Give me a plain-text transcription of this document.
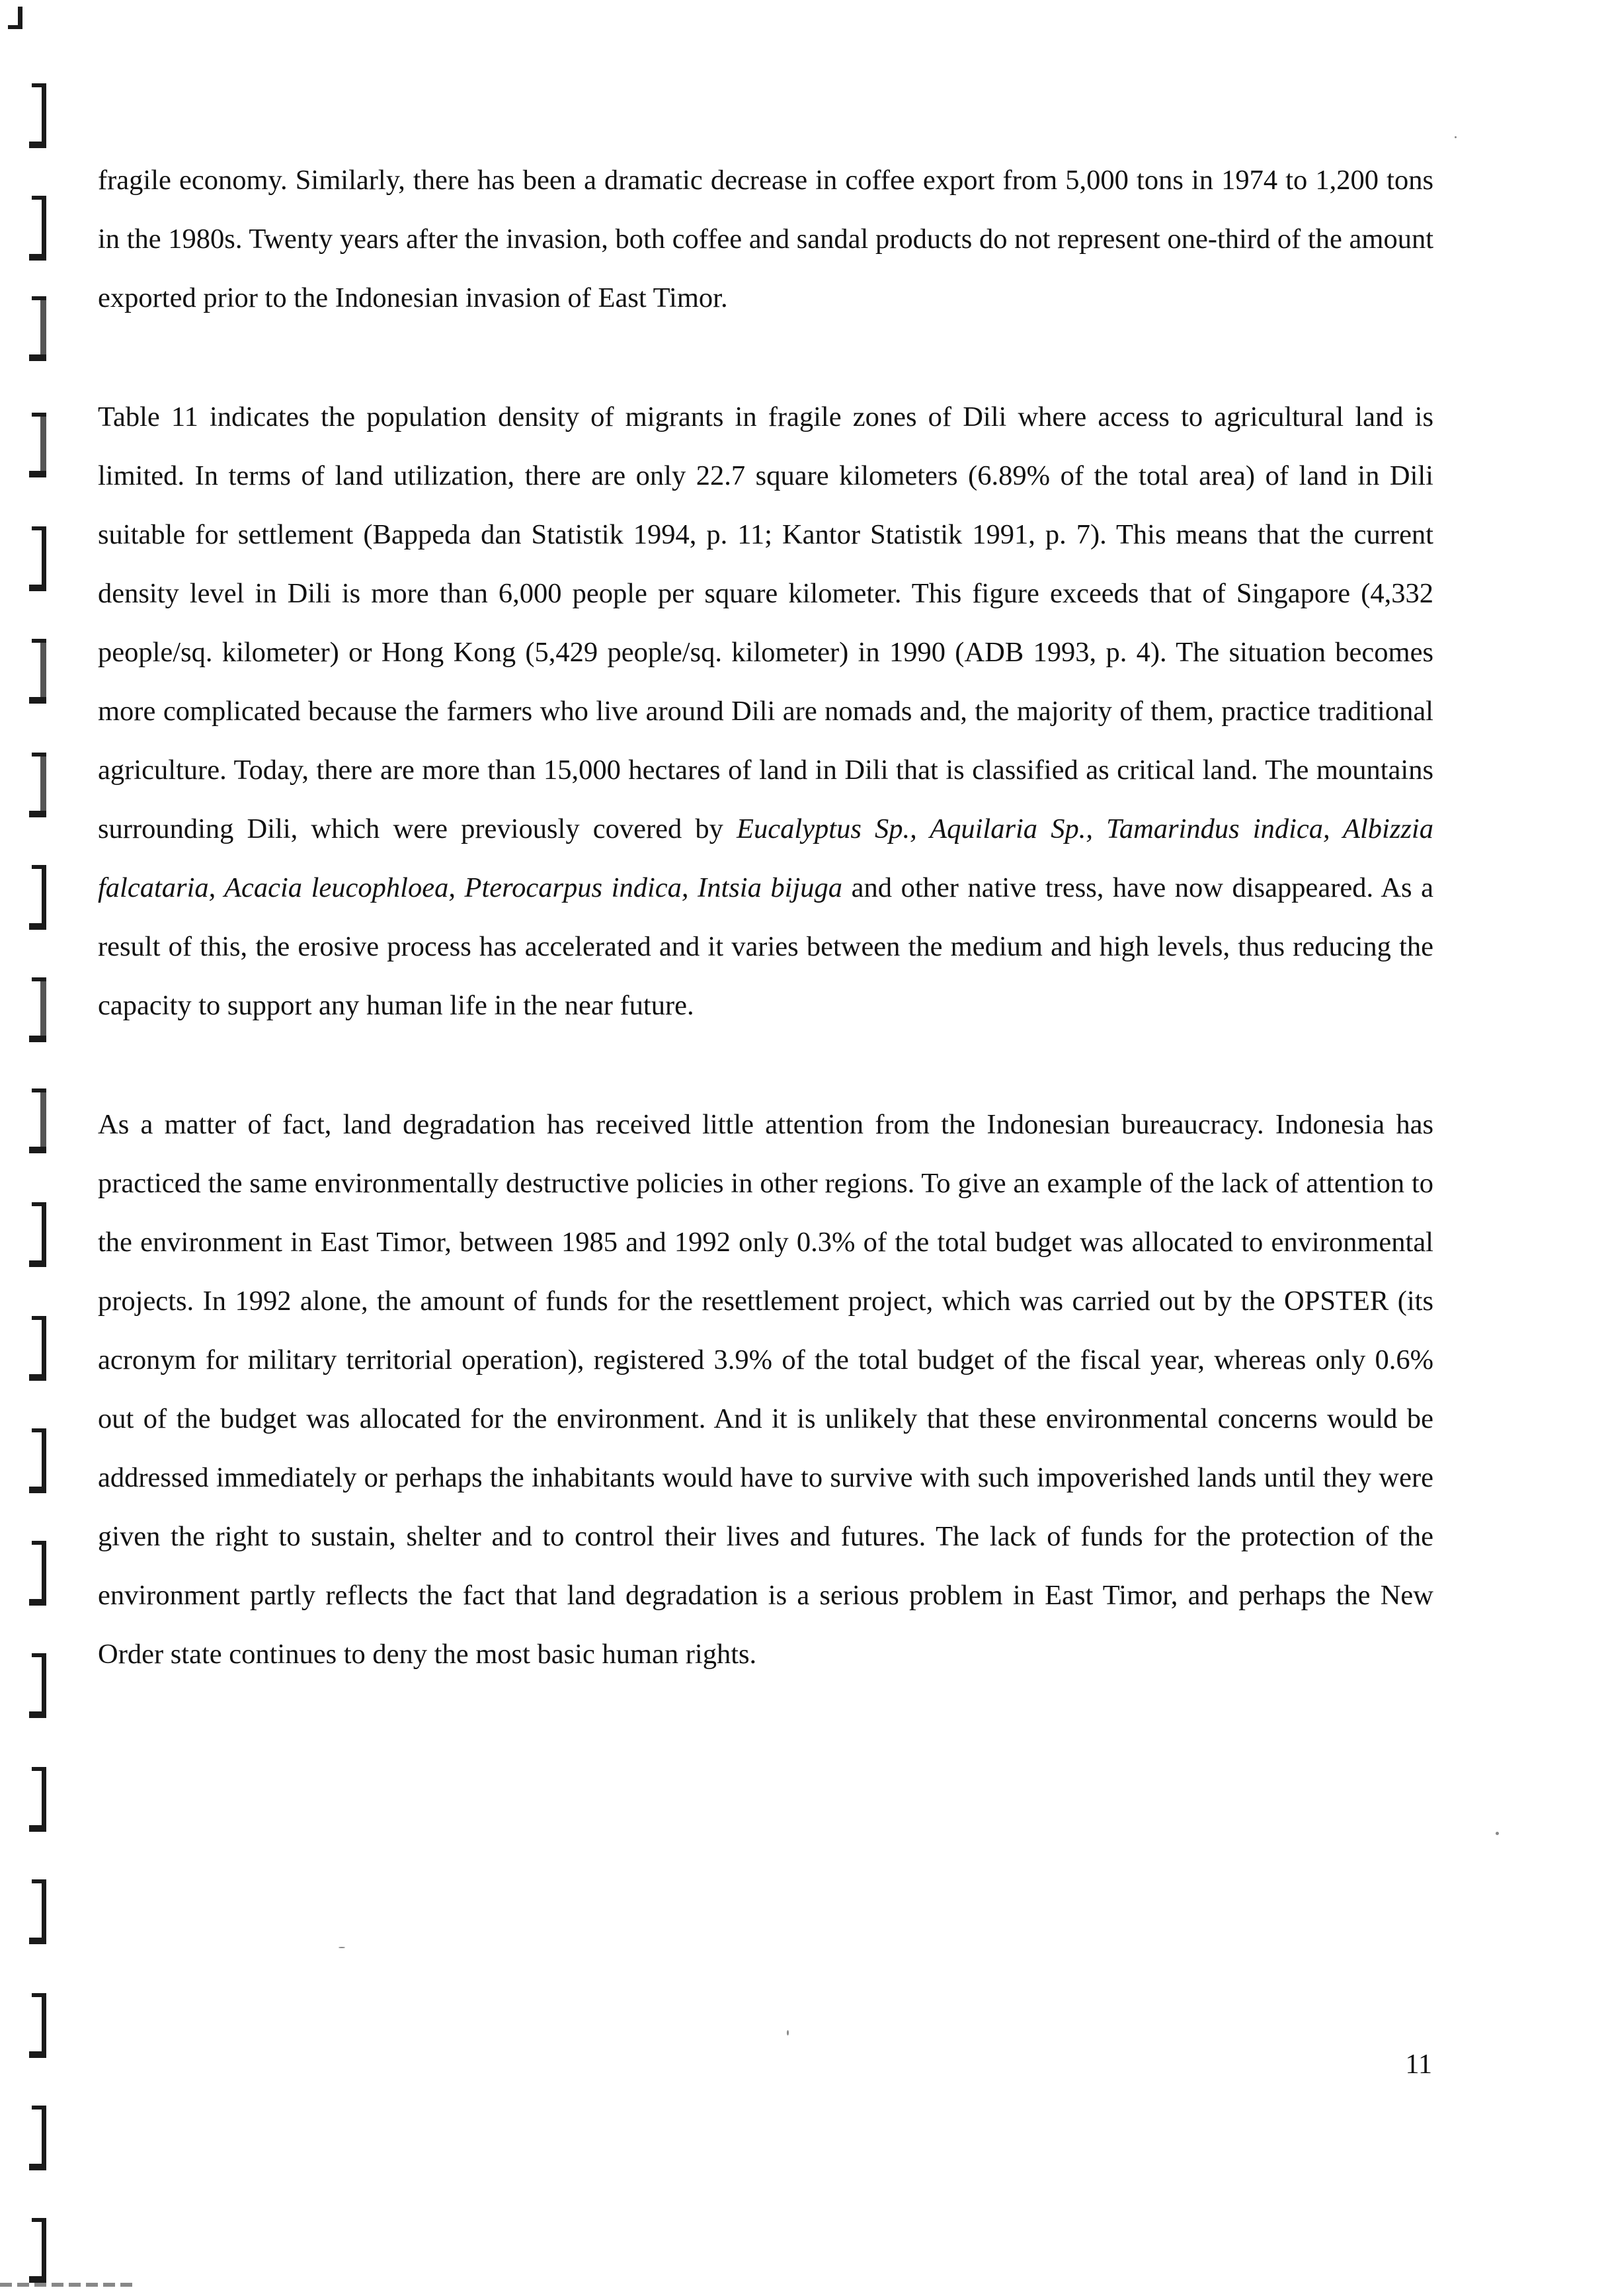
fragile economy. Similarly, there has been a dramatic decrease in coffee export from 5,000 tons in 1974 to 1,200 tons in the 1980s. Twenty years after the invasion, both coffee and sandal products do not represent one-third of the amount exported prior to the Indonesian invasion of East Timor.

Table 11 indicates the population density of migrants in fragile zones of Dili where access to agricultural land is limited. In terms of land utilization, there are only 22.7 square kilometers (6.89% of the total area) of land in Dili suitable for settlement (Bappeda dan Statistik 1994, p. 11; Kantor Statistik 1991, p. 7). This means that the current density level in Dili is more than 6,000 people per square kilometer. This figure exceeds that of Singapore (4,332 people/sq. kilometer) or Hong Kong (5,429 people/sq. kilometer) in 1990 (ADB 1993, p. 4). The situation becomes more complicated because the farmers who live around Dili are nomads and, the majority of them, practice traditional agriculture. Today, there are more than 15,000 hectares of land in Dili that is classified as critical land. The mountains surrounding Dili, which were previously covered by Eucalyptus Sp., Aquilaria Sp., Tamarindus indica, Albizzia falcataria, Acacia leucophloea, Pterocarpus indica, Intsia bijuga and other native tress, have now disappeared. As a result of this, the erosive process has accelerated and it varies between the medium and high levels, thus reducing the capacity to support any human life in the near future.

As a matter of fact, land degradation has received little attention from the Indonesian bureaucracy. Indonesia has practiced the same environmentally destructive policies in other regions. To give an example of the lack of attention to the environment in East Timor, between 1985 and 1992 only 0.3% of the total budget was allocated to environmental projects. In 1992 alone, the amount of funds for the resettlement project, which was carried out by the OPSTER (its acronym for military territorial operation), registered 3.9% of the total budget of the fiscal year, whereas only 0.6% out of the budget was allocated for the environment. And it is unlikely that these environmental concerns would be addressed immediately or perhaps the inhabitants would have to survive with such impoverished lands until they were given the right to sustain, shelter and to control their lives and futures. The lack of funds for the protection of the environment partly reflects the fact that land degradation is a serious problem in East Timor, and perhaps the New Order state continues to deny the most basic human rights.

11
